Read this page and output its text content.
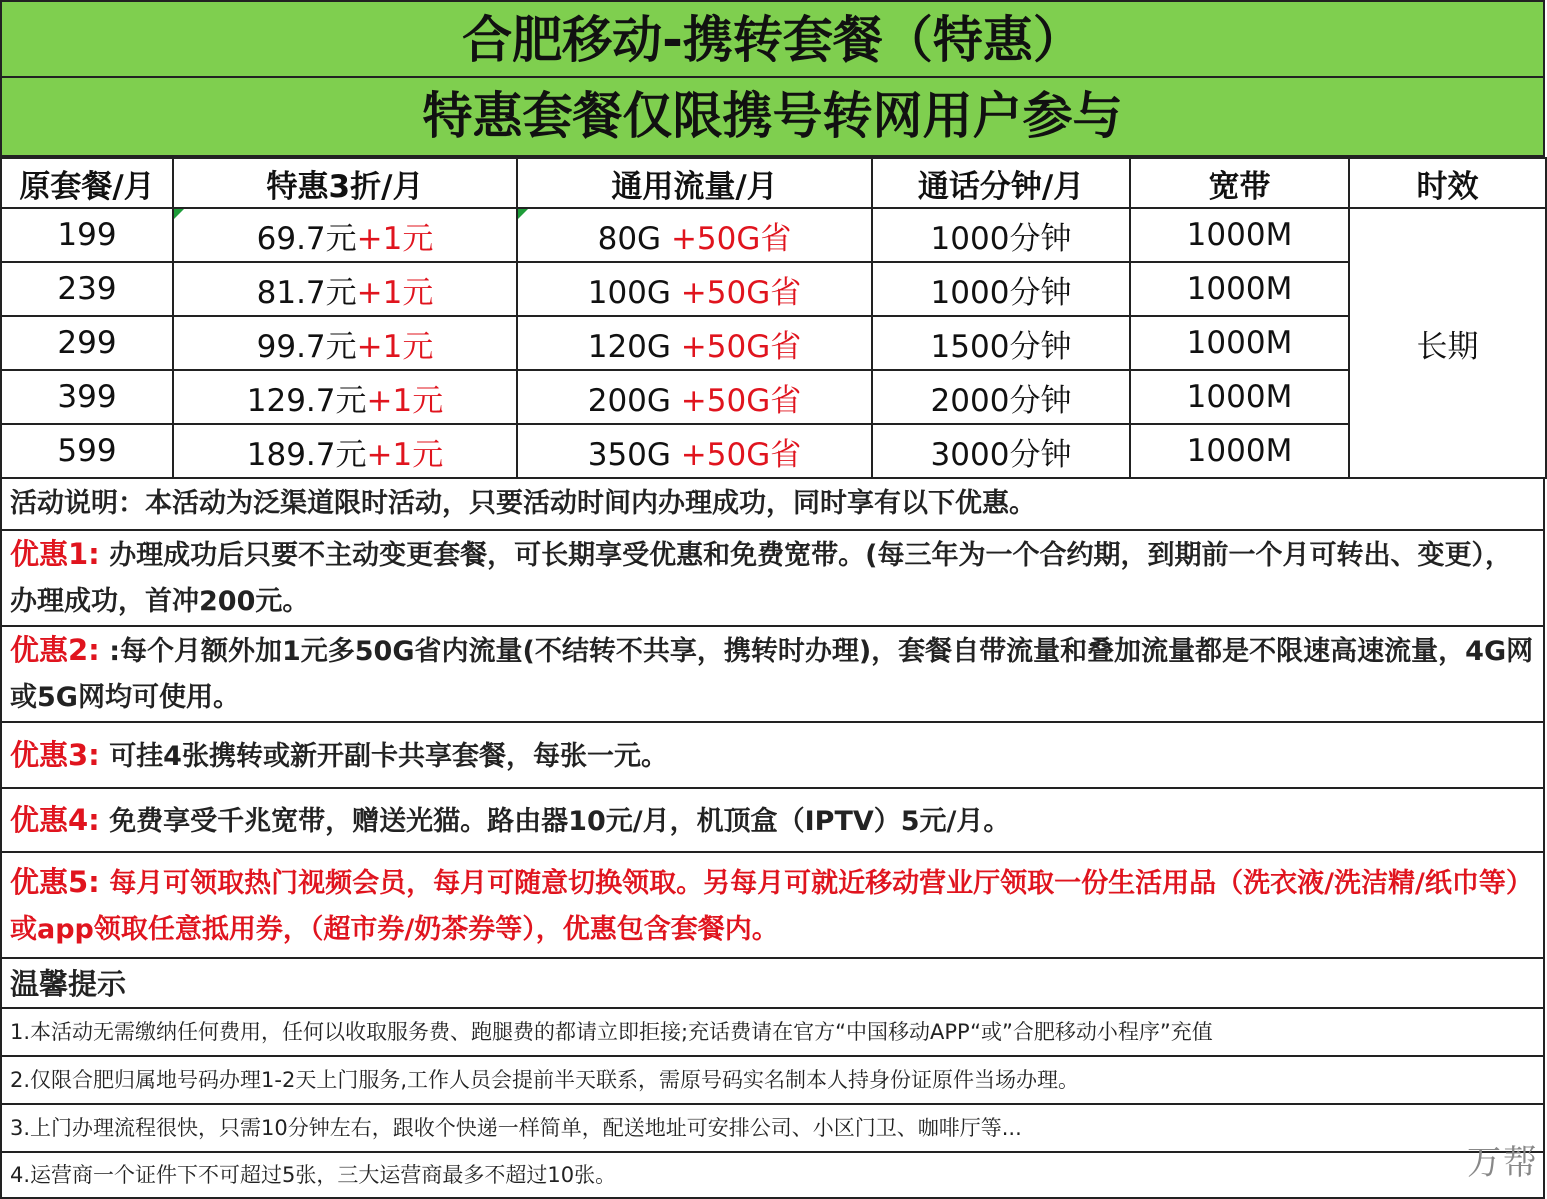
合肥移动-携转套餐（特惠）
特惠套餐仅限携号转网用户参与
原套餐/月	特惠3折/月	通用流量/月	通话分钟/月	宽带	时效
199	69.7元+1元	80G +50G省	1000分钟	1000M	长期
239	81.7元+1元	100G +50G省	1000分钟	1000M	
299	99.7元+1元	120G +50G省	1500分钟	1000M	
399	129.7元+1元	200G +50G省	2000分钟	1000M	
599	189.7元+1元	350G +50G省	3000分钟	1000M	
活动说明：本活动为泛渠道限时活动，只要活动时间内办理成功，同时享有以下优惠。
优惠1: 办理成功后只要不主动变更套餐，可长期享受优惠和免费宽带。(每三年为一个合约期，到期前一个月可转出、变更），办理成功，首冲200元。
优惠2: :每个月额外加1元多50G省内流量(不结转不共享，携转时办理)，套餐自带流量和叠加流量都是不限速高速流量，4G网或5G网均可使用。
优惠3: 可挂4张携转或新开副卡共享套餐，每张一元。
优惠4: 免费享受千兆宽带，赠送光猫。路由器10元/月，机顶盒（IPTV）5元/月。
优惠5: 每月可领取热门视频会员，每月可随意切换领取。另每月可就近移动营业厅领取一份生活用品（洗衣液/洗洁精/纸巾等）或app领取任意抵用券，（超市券/奶茶券等），优惠包含套餐内。
温馨提示
1.本活动无需缴纳任何费用，任何以收取服务费、跑腿费的都请立即拒接;充话费请在官方“中国移动APP“或”合肥移动小程序”充值
2.仅限合肥归属地号码办理1-2天上门服务,工作人员会提前半天联系，需原号码实名制本人持身份证原件当场办理。
3.上门办理流程很快，只需10分钟左右，跟收个快递一样简单，配送地址可安排公司、小区门卫、咖啡厅等...
4.运营商一个证件下不可超过5张，三大运营商最多不超过10张。	万帮
